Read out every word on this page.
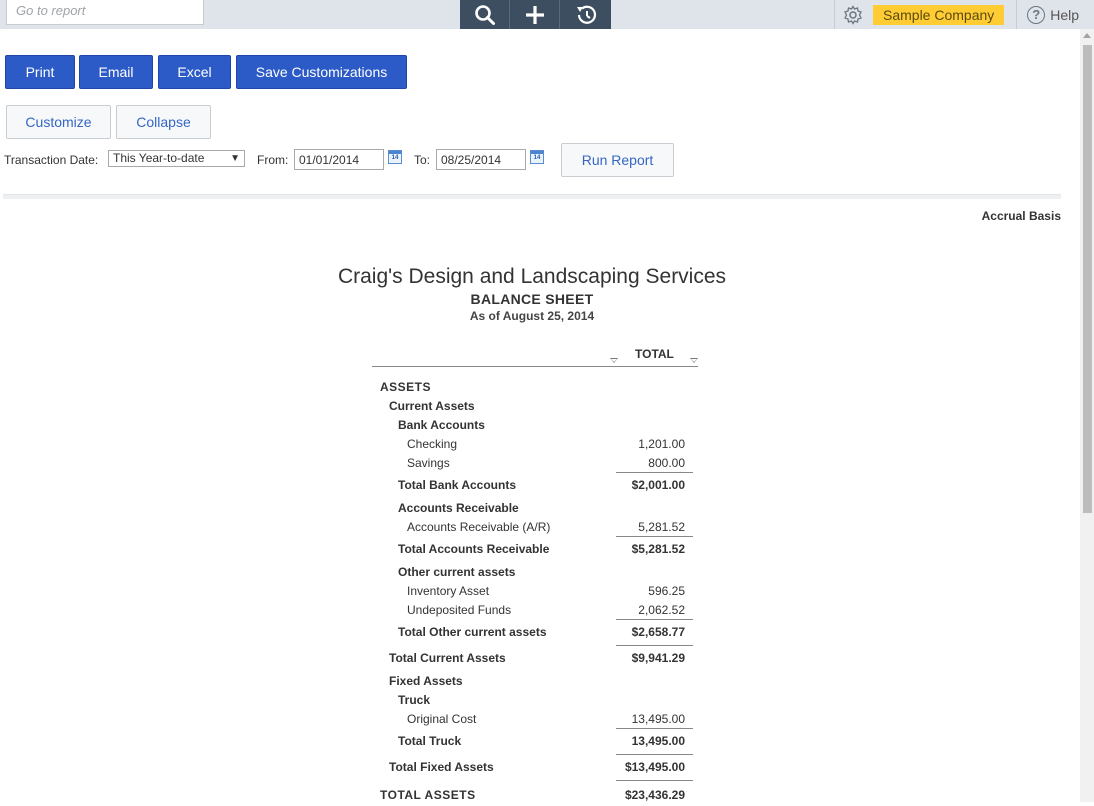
Go to report	Sample Company	? Help
Print	Email	Excel	Save Customizations
Customize	Collapse
Transaction Date:	This Year-to-date	▼ From: 01/01/2014	14 To: 08/25/2014	14	Run Report
Accrual Basis
Craig's Design and Landscaping Services
BALANCE SHEET
As of August 25, 2014
TOTAL
ASSETS
Current Assets
Bank Accounts
Checking	1,201.00
Savings	800.00
Total Bank Accounts	$2,001.00
Accounts Receivable
Accounts Receivable (A/R)	5,281.52
Total Accounts Receivable	$5,281.52
Other current assets
Inventory Asset	596.25
Undeposited Funds	2,062.52
Total Other current assets	$2,658.77
Total Current Assets	$9,941.29
Fixed Assets
Truck
Original Cost	13,495.00
Total Truck	13,495.00
Total Fixed Assets	$13,495.00
TOTAL ASSETS	$23,436.29
